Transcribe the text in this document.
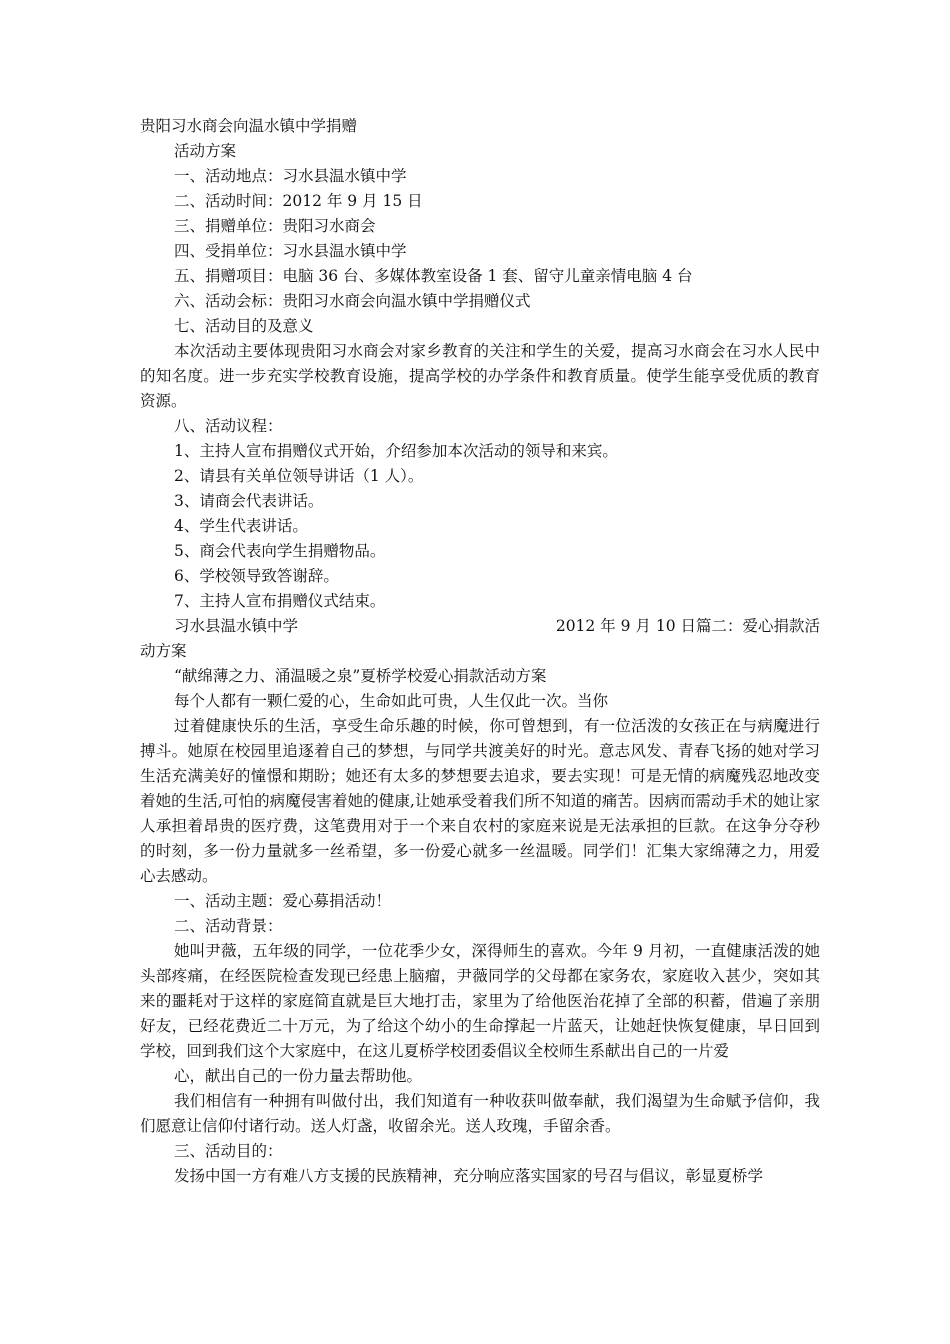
贵阳习水商会向温水镇中学捐赠
活动方案
一、活动地点：习水县温水镇中学
二、活动时间：2012 年 9 月 15 日
三、捐赠单位：贵阳习水商会
四、受捐单位：习水县温水镇中学
五、捐赠项目：电脑 36 台、多媒体教室设备 1 套、留守儿童亲情电脑 4 台
六、活动会标：贵阳习水商会向温水镇中学捐赠仪式
七、活动目的及意义
本次活动主要体现贵阳习水商会对家乡教育的关注和学生的关爱，提高习水商会在习水人民中的知名度。进一步充实学校教育设施，提高学校的办学条件和教育质量。使学生能享受优质的教育资源。
八、活动议程：
1、主持人宣布捐赠仪式开始，介绍参加本次活动的领导和来宾。
2、请县有关单位领导讲话（1 人）。
3、请商会代表讲话。
4、学生代表讲话。
5、商会代表向学生捐赠物品。
6、学校领导致答谢辞。
7、主持人宣布捐赠仪式结束。
习水县温水镇中学	2012 年 9 月 10 日篇二：爱心捐款活
动方案
“献绵薄之力、涌温暖之泉”夏桥学校爱心捐款活动方案
每个人都有一颗仁爱的心，生命如此可贵，人生仅此一次。当你
过着健康快乐的生活，享受生命乐趣的时候，你可曾想到，有一位活泼的女孩正在与病魔进行搏斗。她原在校园里追逐着自己的梦想，与同学共渡美好的时光。意志风发、青春飞扬的她对学习生活充满美好的憧憬和期盼；她还有太多的梦想要去追求，要去实现！可是无情的病魔残忍地改变着她的生活,可怕的病魔侵害着她的健康,让她承受着我们所不知道的痛苦。因病而需动手术的她让家人承担着昂贵的医疗费，这笔费用对于一个来自农村的家庭来说是无法承担的巨款。在这争分夺秒的时刻，多一份力量就多一丝希望，多一份爱心就多一丝温暖。同学们！汇集大家绵薄之力，用爱心去感动。
一、活动主题：爱心募捐活动！
二、活动背景：
她叫尹薇，五年级的同学，一位花季少女，深得师生的喜欢。今年 9 月初，一直健康活泼的她头部疼痛，在经医院检查发现已经患上脑瘤，尹薇同学的父母都在家务农，家庭收入甚少，突如其来的噩耗对于这样的家庭简直就是巨大地打击，家里为了给他医治花掉了全部的积蓄，借遍了亲朋好友，已经花费近二十万元，为了给这个幼小的生命撑起一片蓝天，让她赶快恢复健康，早日回到学校，回到我们这个大家庭中，在这儿夏桥学校团委倡议全校师生系献出自己的一片爱
心，献出自己的一份力量去帮助他。
我们相信有一种拥有叫做付出，我们知道有一种收获叫做奉献，我们渴望为生命赋予信仰，我们愿意让信仰付诸行动。送人灯盏，收留余光。送人玫瑰，手留余香。
三、活动目的：
发扬中国一方有难八方支援的民族精神，充分响应落实国家的号召与倡议，彰显夏桥学
